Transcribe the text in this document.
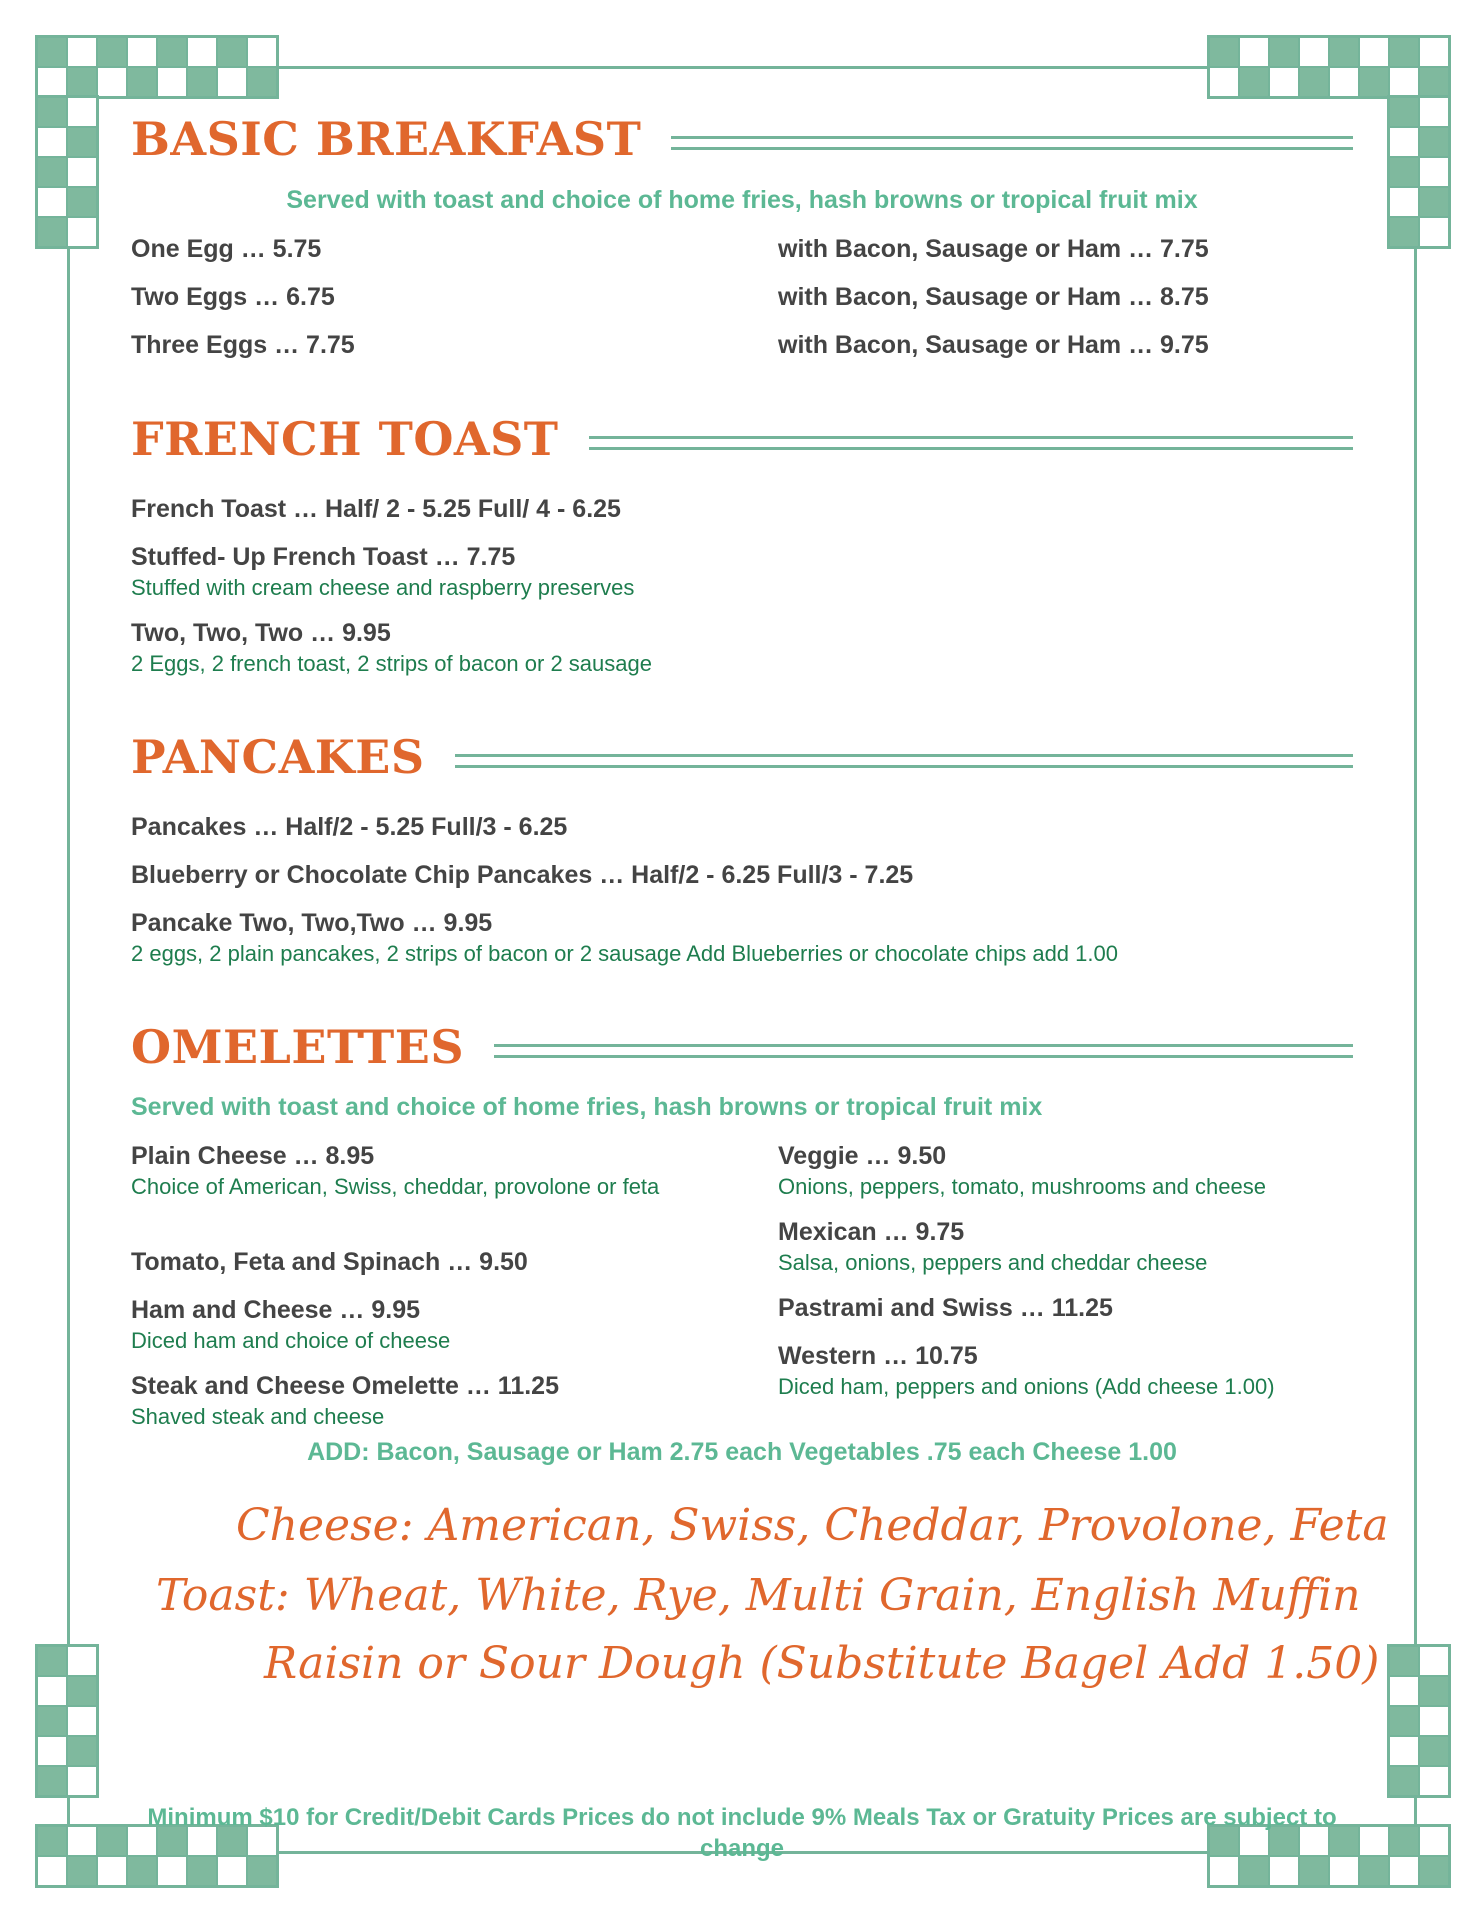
BASIC BREAKFAST
Served with toast and choice of home fries, hash browns or tropical fruit mix
One Egg … 5.75
Two Eggs … 6.75
Three Eggs … 7.75
with Bacon, Sausage or Ham … 7.75
with Bacon, Sausage or Ham … 8.75
with Bacon, Sausage or Ham … 9.75
FRENCH TOAST
French Toast … Half/ 2 - 5.25 Full/ 4 - 6.25
Stuffed- Up French Toast … 7.75
Stuffed with cream cheese and raspberry preserves
Two, Two, Two … 9.95
2 Eggs, 2 french toast, 2 strips of bacon or 2 sausage
PANCAKES
Pancakes … Half/2 - 5.25 Full/3 - 6.25
Blueberry or Chocolate Chip Pancakes … Half/2 - 6.25 Full/3 - 7.25
Pancake Two, Two,Two … 9.95
2 eggs, 2 plain pancakes, 2 strips of bacon or 2 sausage Add Blueberries or chocolate chips add 1.00
OMELETTES
Served with toast and choice of home fries, hash browns or tropical fruit mix
Plain Cheese … 8.95
Choice of American, Swiss, cheddar, provolone or feta
Tomato, Feta and Spinach … 9.50
Ham and Cheese … 9.95
Diced ham and choice of cheese
Steak and Cheese Omelette … 11.25
Shaved steak and cheese
Veggie … 9.50
Onions, peppers, tomato, mushrooms and cheese
Mexican … 9.75
Salsa, onions, peppers and cheddar cheese
Pastrami and Swiss … 11.25
Western … 10.75
Diced ham, peppers and onions (Add cheese 1.00)
ADD: Bacon, Sausage or Ham 2.75 each Vegetables .75 each Cheese 1.00
Cheese: American, Swiss, Cheddar, Provolone, Feta
Toast: Wheat, White, Rye, Multi Grain, English Muffin
Raisin or Sour Dough (Substitute Bagel Add 1.50)
Minimum $10 for Credit/Debit Cards Prices do not include 9% Meals Tax or Gratuity Prices are subject to change
